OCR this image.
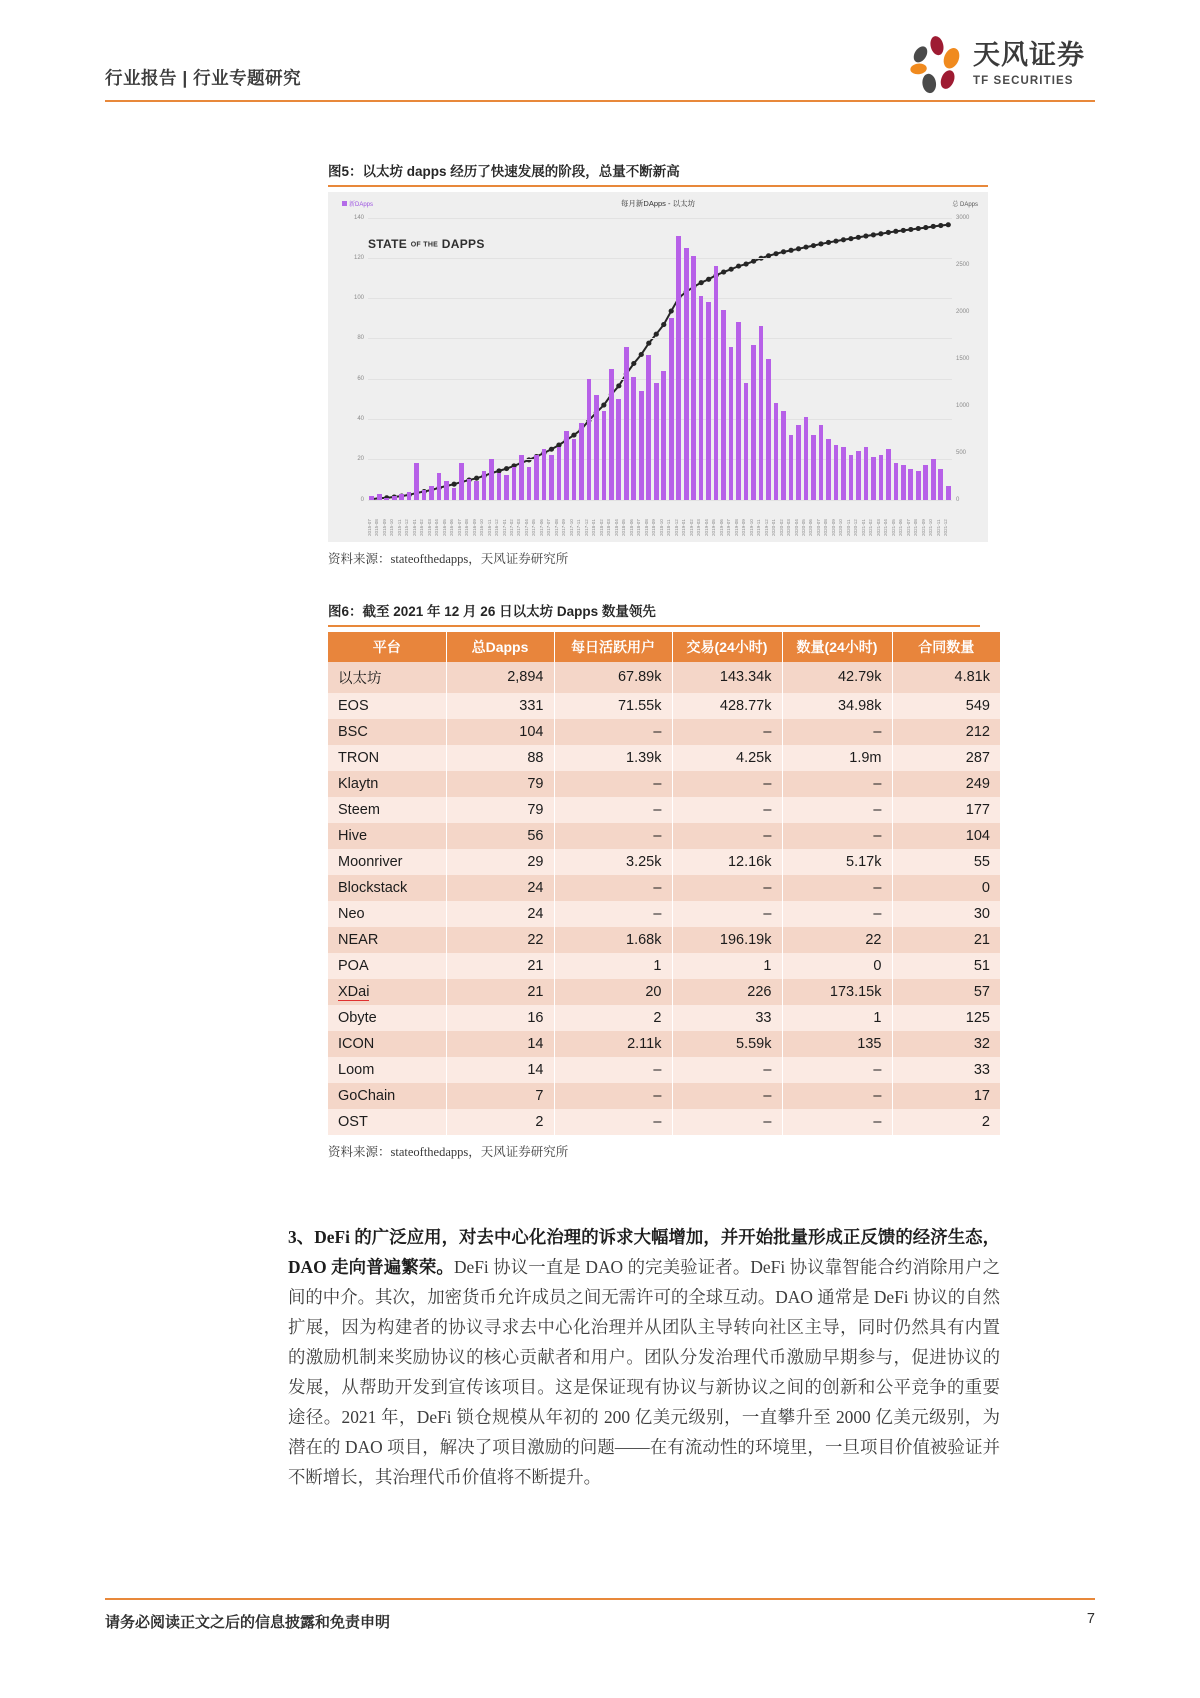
行业报告 | 行业专题研究
天风证券
TF SECURITIES
图5：以太坊 dapps 经历了快速发展的阶段，总量不断新高
新DApps	每月新DApps - 以太坊	总 DApps
STATE OF THE DAPPS
0
20
40
60
80
100
120
140
0
500
1000
1500
2000
2500
3000
2015-07 2015-08 2015-09 2015-10 2015-11 2015-12 2016-01 2016-02 2016-03 2016-04 2016-05 2016-06 2016-07 2016-08 2016-09 2016-10 2016-11 2016-12 2017-01 2017-02 2017-03 2017-04 2017-05 2017-06 2017-07 2017-08 2017-09 2017-10 2017-11 2017-12 2018-01 2018-02 2018-03 2018-04 2018-05 2018-06 2018-07 2018-08 2018-09 2018-10 2018-11 2018-12 2019-01 2019-02 2019-03 2019-04 2019-05 2019-06 2019-07 2019-08 2019-09 2019-10 2019-11 2019-12 2020-01 2020-02 2020-03 2020-04 2020-05 2020-06 2020-07 2020-08 2020-09 2020-10 2020-11 2020-12 2021-01 2021-02 2021-03 2021-04 2021-05 2021-06 2021-07 2021-08 2021-09 2021-10 2021-11 2021-12
资料来源：stateofthedapps，天风证券研究所
图6：截至 2021 年 12 月 26 日以太坊 Dapps 数量领先
平台	总Dapps	每日活跃用户	交易(24小时)	数量(24小时)	合同数量
以太坊	2,894	67.89k	143.34k	42.79k	4.81k
EOS	331	71.55k	428.77k	34.98k	549
BSC	104	–	–	–	212
TRON	88	1.39k	4.25k	1.9m	287
Klaytn	79	–	–	–	249
Steem	79	–	–	–	177
Hive	56	–	–	–	104
Moonriver	29	3.25k	12.16k	5.17k	55
Blockstack	24	–	–	–	0
Neo	24	–	–	–	30
NEAR	22	1.68k	196.19k	22	21
POA	21	1	1	0	51
XDai	21	20	226	173.15k	57
Obyte	16	2	33	1	125
ICON	14	2.11k	5.59k	135	32
Loom	14	–	–	–	33
GoChain	7	–	–	–	17
OST	2	–	–	–	2
资料来源：stateofthedapps，天风证券研究所

3、DeFi 的广泛应用，对去中心化治理的诉求大幅增加，并开始批量形成正反馈的经济生态，DAO 走向普遍繁荣。DeFi 协议一直是 DAO 的完美验证者。DeFi 协议靠智能合约消除用户之间的中介。其次，加密货币允许成员之间无需许可的全球互动。DAO 通常是 DeFi 协议的自然扩展，因为构建者的协议寻求去中心化治理并从团队主导转向社区主导，同时仍然具有内置的激励机制来奖励协议的核心贡献者和用户。团队分发治理代币激励早期参与，促进协议的发展，从帮助开发到宣传该项目。这是保证现有协议与新协议之间的创新和公平竞争的重要途径。2021 年，DeFi 锁仓规模从年初的 200 亿美元级别，一直攀升至 2000 亿美元级别，为潜在的 DAO 项目，解决了项目激励的问题——在有流动性的环境里，一旦项目价值被验证并不断增长，其治理代币价值将不断提升。

请务必阅读正文之后的信息披露和免责申明	7
